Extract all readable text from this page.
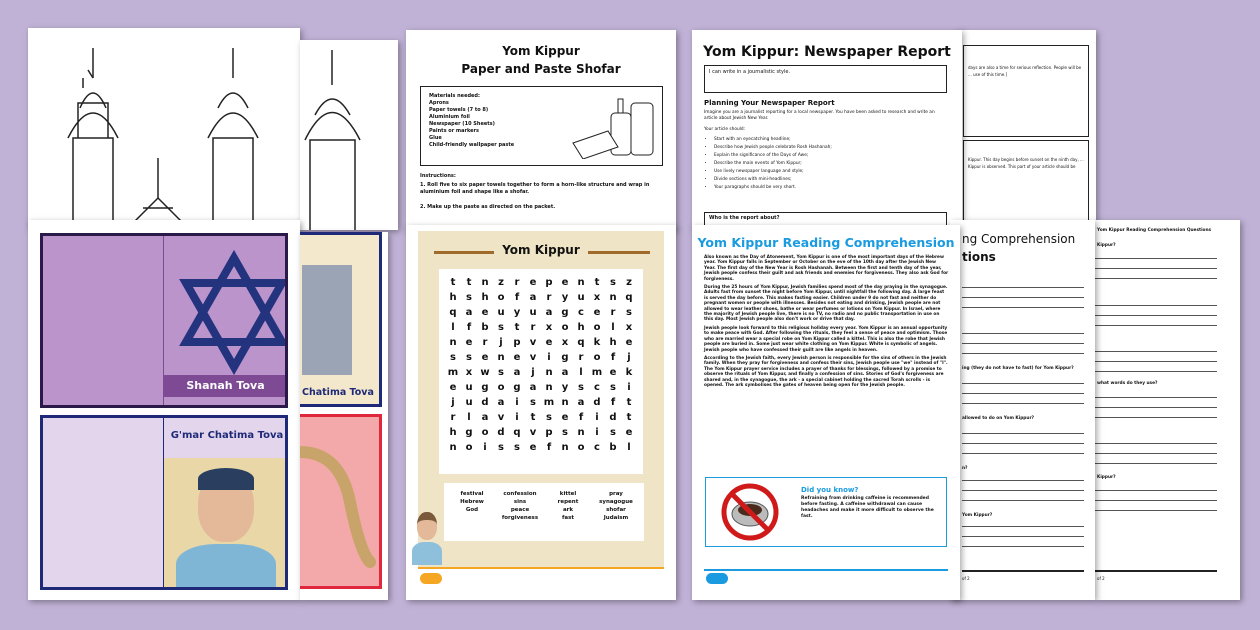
Shanah Tova
G'mar Chatima Tova
Chatima Tova
Yom Kippur
Paper and Paste Shofar
Materials needed:
Aprons
Paper towels (7 to 8)
Aluminium foil
Newspaper (10 Sheets)
Paints or markers
Glue
Child-friendly wallpaper paste
Instructions:
1. Roll five to six paper towels together to form a horn-like structure and wrap in aluminium foil and shape like a shofar.
2. Make up the paste as directed on the packet.
Yom Kippur
t	t	n z	r	e p e n	t	s	z
h s h o	f	a	r	y u x n q
q a e u y u a g c e	r	s
l	f	b s	t	r	x o h o	l	x
n e	r	j	p v e x q k h e
s	s e n e v	i	g r	o	f	j
m x w s a	j	n a	l m e k
e u g o g a n y s	c	s	i
j	u d a	i	s m n a d	f	t
r	l	a v	i	t	s e	f	i	d	t
h g o d q v p s n	i	s e
n o	i	s	s e	f	n o c b	l
festival	confession	kittel	pray
Hebrew	sins	repent	synagogue
God	peace	ark	shofar
forgiveness	fast	Judaism
days are also a time for serious reflection. People will be ... use of this time.]
Kippur. This day begins before sunset on the ninth day, ... Kippur is observed. This part of your article should be
Yom Kippur: Newspaper Report
I can write in a journalistic style.
Planning Your Newspaper Report
Imagine you are a journalist reporting for a local newspaper. You have been asked to research and write an article about Jewish New Year.
Your article should:
• Start with an eyecatching headline;
• Describe how Jewish people celebrate Rosh Hashanah;
• Explain the significance of the Days of Awe;
• Describe the main events of Yom Kippur;
• Use lively newspaper language and style;
• Divide sections with mini-headlines;
• Your paragraphs should be very short.
Who is the report about?
Yom Kippur Reading Comprehension Questions
Kippur?
what words do they use?
Kippur?
of 2
ng Comprehension
tions
ing (they do not have to fast) for Yom Kippur?
allowed to do on Yom Kippur?
n?
Yom Kippur?
of 2
Yom Kippur Reading Comprehension
Also known as the Day of Atonement, Yom Kippur is one of the most important days of the Hebrew year. Yom Kippur falls in September or October on the eve of the 10th day after the Jewish New Year. The first day of the New Year is Rosh Hashanah. Between the first and tenth day of the year, Jewish people confess their guilt and ask friends and enemies for forgiveness. They also ask God for forgiveness.
During the 25 hours of Yom Kippur, Jewish families spend most of the day praying in the synagogue. Adults fast from sunset the night before Yom Kippur, until nightfall the following day. A large feast is served the day before. This makes fasting easier. Children under 9 do not fast and neither do pregnant women or people with illnesses. Besides not eating and drinking, Jewish people are not allowed to wear leather shoes, bathe or wear perfumes or lotions on Yom Kippur. In Israel, where the majority of Jewish people live, there is no TV, no radio and no public transportation in use on this day. Most Jewish people also don't work or drive that day.
Jewish people look forward to this religious holiday every year. Yom Kippur is an annual opportunity to make peace with God. After following the rituals, they feel a sense of peace and optimism. Those who are married wear a special robe on Yom Kippur called a kittel. This is also the robe that Jewish people are buried in. Some just wear white clothing on Yom Kippur. White is symbolic of angels. Jewish people who have confessed their guilt are like angels in heaven.
According to the Jewish faith, every Jewish person is responsible for the sins of others in the Jewish family. When they pray for forgiveness and confess their sins, Jewish people use "we" instead of "I". The Yom Kippur prayer service includes a prayer of thanks for blessings, followed by a promise to observe the rituals of Yom Kippur, and finally a confession of sins. Stories of God's forgiveness are shared and, in the synagogue, the ark - a special cabinet holding the sacred Torah scrolls - is opened. The ark symbolises the gates of heaven being open for the Jewish people.
Did you know?
Refraining from drinking caffeine is recommended before fasting. A caffeine withdrawal can cause headaches and make it more difficult to observe the fast.
